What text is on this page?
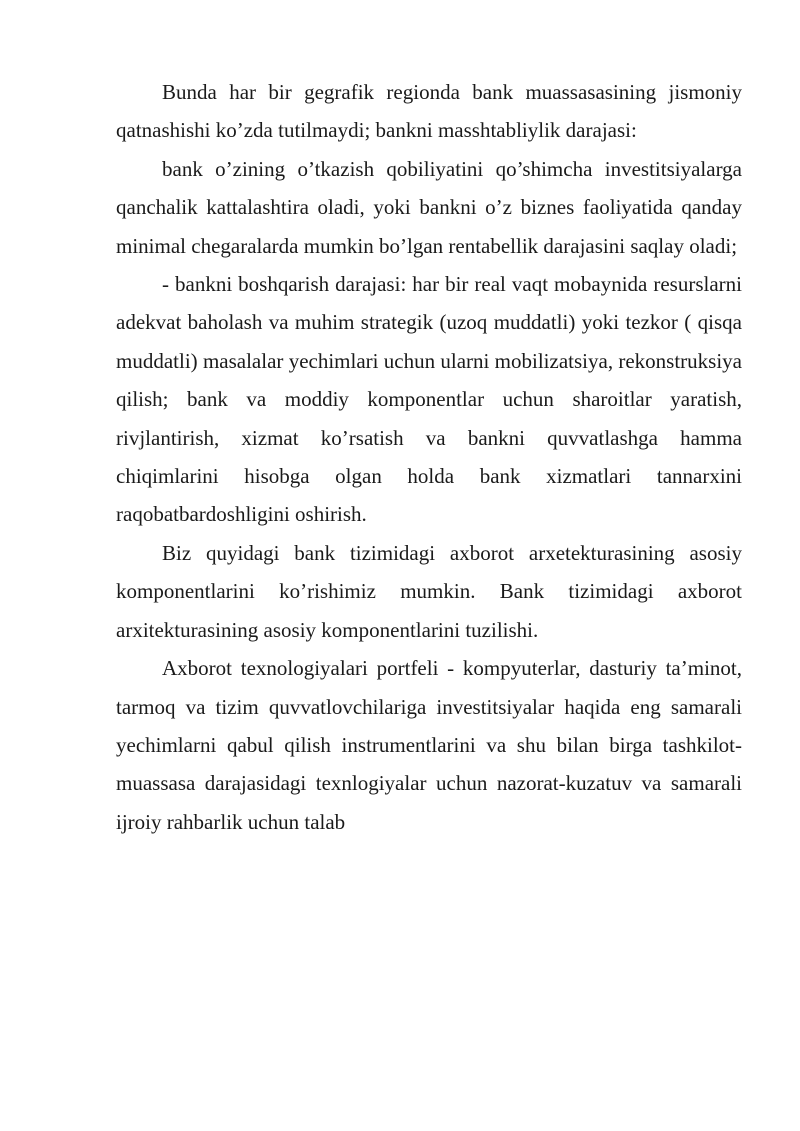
Bunda har bir gegrafik regionda bank muassasasining jismoniy qatnashishi ko’zda tutilmaydi; bankni masshtabliylik darajasi:

bank o’zining o’tkazish qobiliyatini qo’shimcha investitsiyalarga qanchalik kattalashtira oladi, yoki bankni o’z biznes faoliyatida qanday minimal chegaralarda mumkin bo’lgan rentabellik darajasini saqlay oladi;

- bankni boshqarish darajasi: har bir real vaqt mobaynida resurslarni adekvat baholash va muhim strategik (uzoq muddatli) yoki tezkor ( qisqa muddatli) masalalar yechimlari uchun ularni mobilizatsiya, rekonstruksiya qilish; bank va moddiy komponentlar uchun sharoitlar yaratish, rivjlantirish, xizmat ko’rsatish va bankni quvvatlashga hamma chiqimlarini hisobga olgan holda bank xizmatlari tannarxini raqobatbardoshligini oshirish.

Biz quyidagi bank tizimidagi axborot arxetekturasining asosiy komponentlarini ko’rishimiz mumkin. Bank tizimidagi axborot arxitekturasining asosiy komponentlarini tuzilishi.

Axborot texnologiyalari portfeli - kompyuterlar, dasturiy ta’minot, tarmoq va tizim quvvatlovchilariga investitsiyalar haqida eng samarali yechimlarni qabul qilish instrumentlarini va shu bilan birga tashkilot-muassasa darajasidagi texnlogiyalar uchun nazorat-kuzatuv va samarali ijroiy rahbarlik uchun talab
